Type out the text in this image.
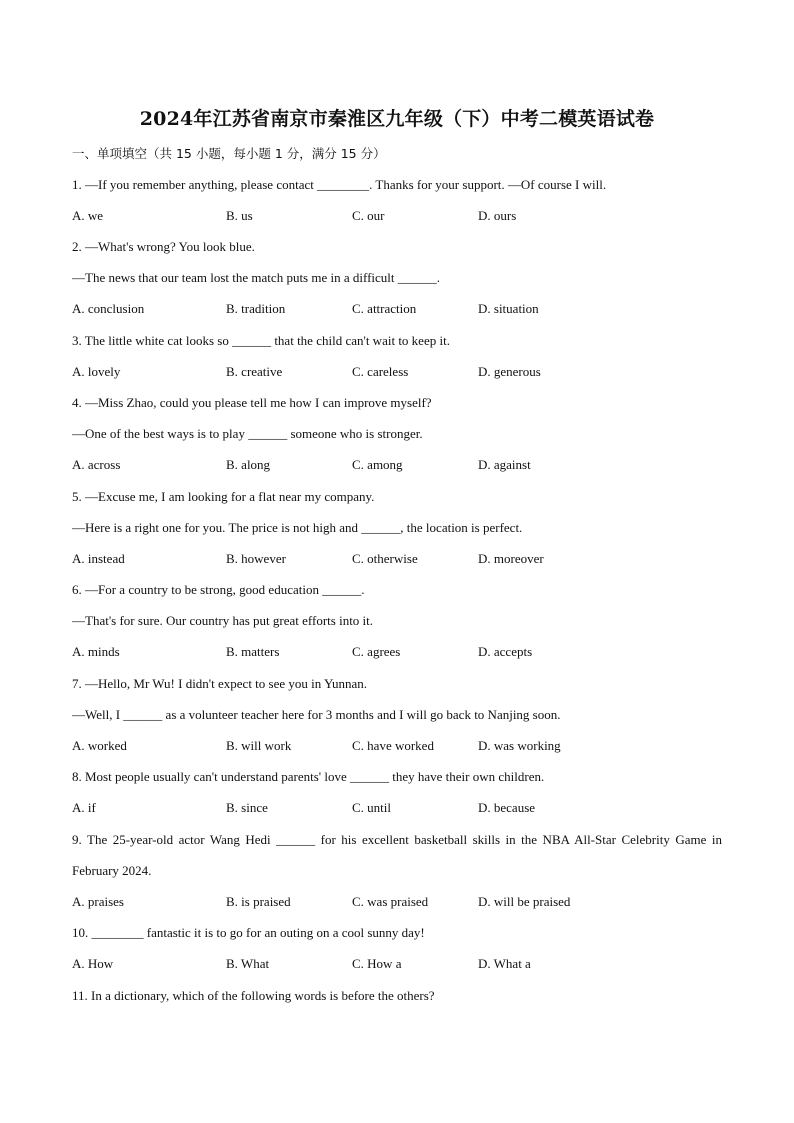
2024年江苏省南京市秦淮区九年级（下）中考二模英语试卷
一、单项填空（共 15 小题，每小题 1 分，满分 15 分）
1. —If you remember anything, please contact ________. Thanks for your support. —Of course I will.
A. we	B. us	C. our	D. ours
2. —What's wrong? You look blue.
—The news that our team lost the match puts me in a difficult ______.
A. conclusion	B. tradition	C. attraction	D. situation
3. The little white cat looks so ______ that the child can't wait to keep it.
A. lovely	B. creative	C. careless	D. generous
4. —Miss Zhao, could you please tell me how I can improve myself?
—One of the best ways is to play ______ someone who is stronger.
A. across	B. along	C. among	D. against
5. —Excuse me, I am looking for a flat near my company.
—Here is a right one for you. The price is not high and ______, the location is perfect.
A. instead	B. however	C. otherwise	D. moreover
6. —For a country to be strong, good education ______.
—That's for sure. Our country has put great efforts into it.
A. minds	B. matters	C. agrees	D. accepts
7. —Hello, Mr Wu! I didn't expect to see you in Yunnan.
—Well, I ______ as a volunteer teacher here for 3 months and I will go back to Nanjing soon.
A. worked	B. will work	C. have worked	D. was working
8. Most people usually can't understand parents' love ______ they have their own children.
A. if	B. since	C. until	D. because
9. The 25-year-old actor Wang Hedi ______ for his excellent basketball skills in the NBA All-Star Celebrity Game in February 2024.
A. praises	B. is praised	C. was praised	D. will be praised
10. ________ fantastic it is to go for an outing on a cool sunny day!
A. How	B. What	C. How a	D. What a
11. In a dictionary, which of the following words is before the others?
